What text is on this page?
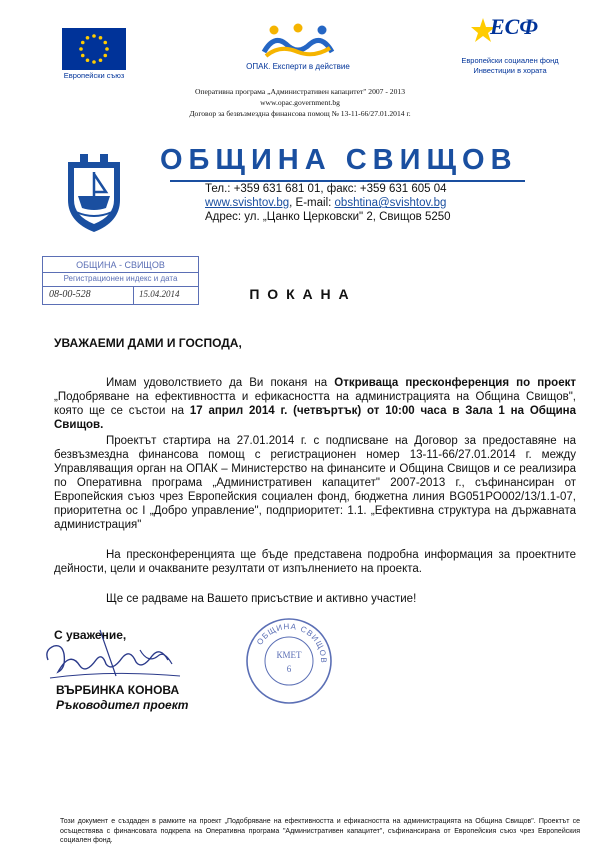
Европейски съюз
ОПАК. Експерти в действие
ЕСФ
Европейски социален фонд
Инвестиции в хората
Оперативна програма „Административен капацитет" 2007 - 2013
www.opac.government.bg
Договор за безвъзмездна финансова помощ № 13-11-66/27.01.2014 г.
ОБЩИНА СВИЩОВ
Тел.: +359 631 681 01, факс: +359 631 605 04
www.svishtov.bg, E-mail: obshtina@svishtov.bg
Адрес: ул. „Цанко Церковски" 2, Свищов 5250
ОБЩИНА - СВИЩОВ
Регистрационен индекс и дата
08-00-528	15.04.2014	П О К А Н А
УВАЖАЕМИ ДАМИ И ГОСПОДА,
Имам удоволствието да Ви поканя на Откриваща пресконференция по проект „Подобряване на ефективността и ефикасността на администрацията на Община Свищов", която ще се състои на 17 април 2014 г. (четвъртък) от 10:00 часа в Зала 1 на Община Свищов.
Проектът стартира на 27.01.2014 г. с подписване на Договор за предоставяне на безвъзмездна финансова помощ с регистрационен номер 13-11-66/27.01.2014 г. между Управляващия орган на ОПАК – Министерство на финансите и Община Свищов и се реализира по Оперативна програма „Административен капацитет" 2007-2013 г., съфинансиран от Европейския съюз чрез Европейския социален фонд, бюджетна линия BG051PO002/13/1.1-07, приоритетна ос I „Добро управление", подприоритет: 1.1. „Ефективна структура на държавната администрация"
На пресконференцията ще бъде представена подробна информация за проектните дейности, цели и очакваните резултати от изпълнението на проекта.
Ще се радваме на Вашето присъствие и активно участие!
С уважение,
ВЪРБИНКА КОНОВА
Ръководител проект
ОБЩИНА СВИЩОВ
КМЕТ
6
Този документ е създаден в рамките на проект „Подобряване на ефективността и ефикасността на администрацията на Община Свищов". Проектът се осъществява с финансовата подкрепа на Оперативна програма "Административен капацитет", съфинансирана от Европейския съюз чрез Европейския социален фонд.
